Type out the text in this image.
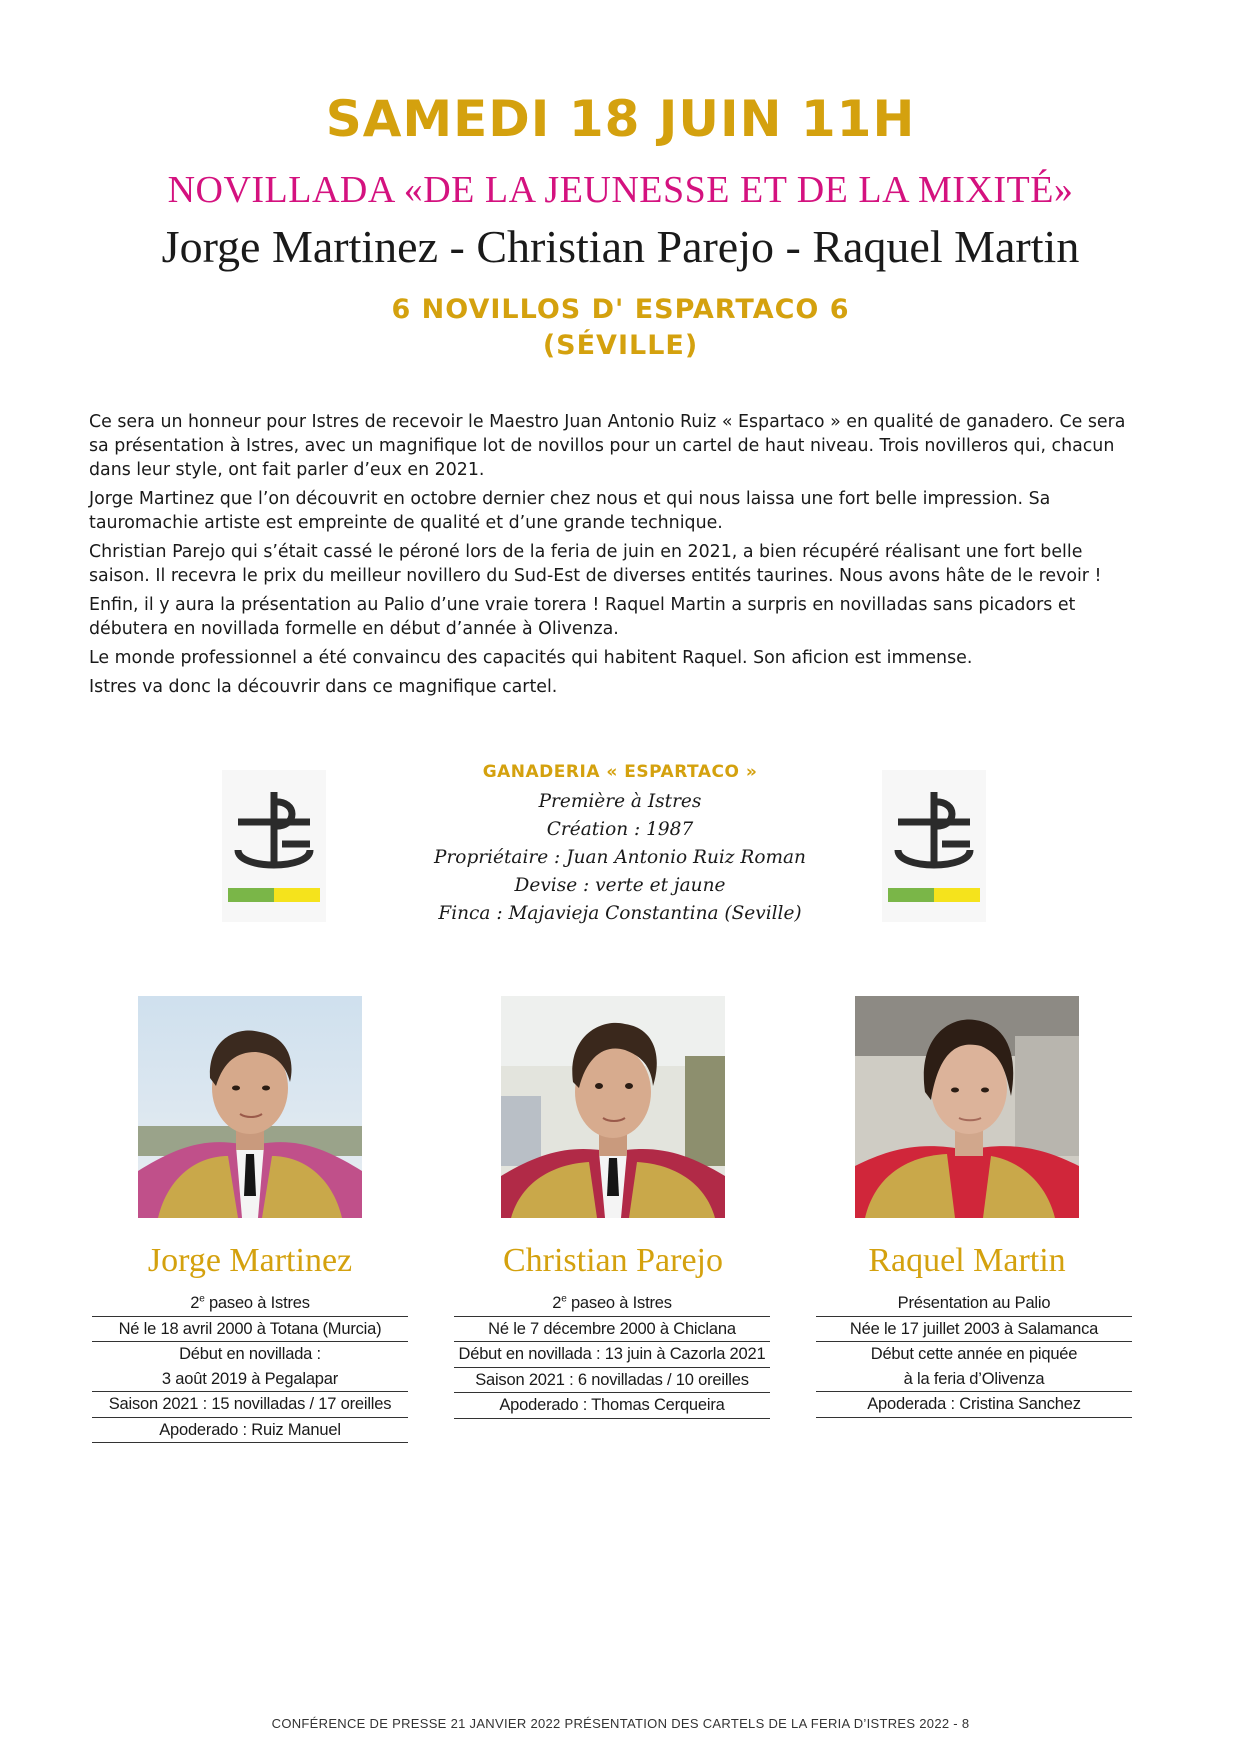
SAMEDI 18 JUIN 11H
NOVILLADA «DE LA JEUNESSE ET DE LA MIXITÉ»
Jorge Martinez - Christian Parejo - Raquel Martin
6 NOVILLOS D' ESPARTACO 6
(SÉVILLE)

Ce sera un honneur pour Istres de recevoir le Maestro Juan Antonio Ruiz « Espartaco » en qualité de ganadero. Ce sera sa présentation à Istres, avec un magnifique lot de novillos pour un cartel de haut niveau. Trois novilleros qui, chacun dans leur style, ont fait parler d’eux en 2021.

Jorge Martinez que l’on découvrit en octobre dernier chez nous et qui nous laissa une fort belle impression. Sa tauromachie artiste est empreinte de qualité et d’une grande technique.

Christian Parejo qui s’était cassé le péroné lors de la feria de juin en 2021, a bien récupéré réalisant une fort belle saison. Il recevra le prix du meilleur novillero du Sud-Est de diverses entités taurines. Nous avons hâte de le revoir !

Enfin, il y aura la présentation au Palio d’une vraie torera ! Raquel Martin a surpris en novilladas sans picadors et débutera en novillada formelle en début d’année à Olivenza.

Le monde professionnel a été convaincu des capacités qui habitent Raquel. Son aficion est immense.

Istres va donc la découvrir dans ce magnifique cartel.

GANADERIA « ESPARTACO »
Première à Istres
Création : 1987
Propriétaire : Juan Antonio Ruiz Roman
Devise : verte et jaune
Finca : Majavieja Constantina (Seville)
Jorge Martinez	Christian Parejo	Raquel Martin
2e paseo à Istres
Né le 18 avril 2000 à Totana (Murcia)
Début en novillada :
3 août 2019 à Pegalapar
Saison 2021 : 15 novilladas / 17 oreilles
Apoderado : Ruiz Manuel
2e paseo à Istres
Né le 7 décembre 2000 à Chiclana
Début en novillada : 13 juin à Cazorla 2021
Saison 2021 : 6 novilladas / 10 oreilles
Apoderado : Thomas Cerqueira
Présentation au Palio
Née le 17 juillet 2003 à Salamanca
Début cette année en piquée
à la feria d’Olivenza
Apoderada : Cristina Sanchez
CONFÉRENCE DE PRESSE 21 JANVIER 2022 PRÉSENTATION DES CARTELS DE LA FERIA D’ISTRES 2022 - 8
